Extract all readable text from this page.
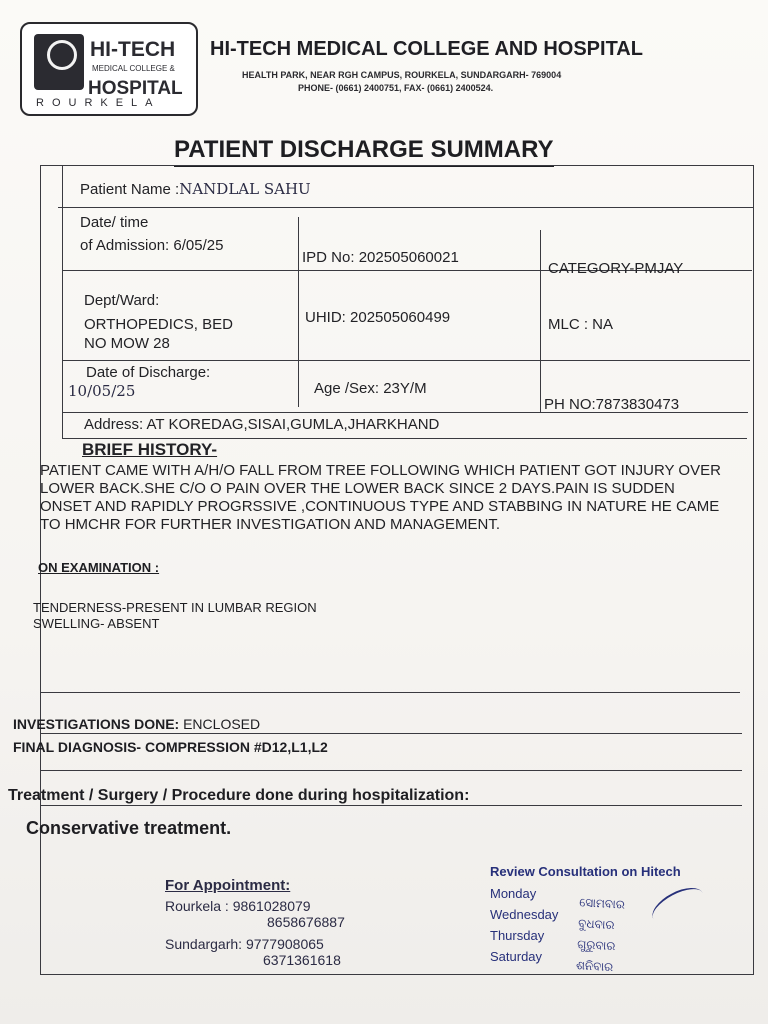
HI-TECH
MEDICAL COLLEGE &
HOSPITAL
ROURKELA
HI-TECH MEDICAL COLLEGE AND HOSPITAL
HEALTH PARK, NEAR RGH CAMPUS, ROURKELA, SUNDARGARH- 769004
PHONE- (0661) 2400751, FAX- (0661) 2400524.
PATIENT DISCHARGE SUMMARY
Patient Name :NANDLAL SAHU
Date/ time
of Admission: 6/05/25
IPD No: 202505060021
CATEGORY-PMJAY
Dept/Ward:
ORTHOPEDICS, BED
NO MOW 28
UHID: 202505060499	MLC : NA
Date of Discharge:
10/05/25	Age /Sex: 23Y/M
PH NO:7873830473
Address: AT KOREDAG,SISAI,GUMLA,JHARKHAND
BRIEF HISTORY-
PATIENT CAME WITH A/H/O FALL FROM TREE FOLLOWING WHICH PATIENT GOT INJURY OVER LOWER BACK.SHE C/O O PAIN OVER THE LOWER BACK SINCE 2 DAYS.PAIN IS SUDDEN ONSET AND RAPIDLY PROGRSSIVE ,CONTINUOUS TYPE AND STABBING IN NATURE HE CAME TO HMCHR FOR FURTHER INVESTIGATION AND MANAGEMENT.
ON EXAMINATION :
TENDERNESS-PRESENT IN LUMBAR REGION
SWELLING- ABSENT
INVESTIGATIONS DONE: ENCLOSED
FINAL DIAGNOSIS- COMPRESSION #D12,L1,L2
Treatment / Surgery / Procedure done during hospitalization:
Conservative treatment.
For Appointment:
Rourkela : 9861028079
8658676887
Sundargarh: 9777908065
6371361618
Review Consultation on Hitech
Monday
Wednesday
Thursday
Saturday
ସୋମବାର
ବୁଧବାର
ଗୁରୁବାର
ଶନିବାର
